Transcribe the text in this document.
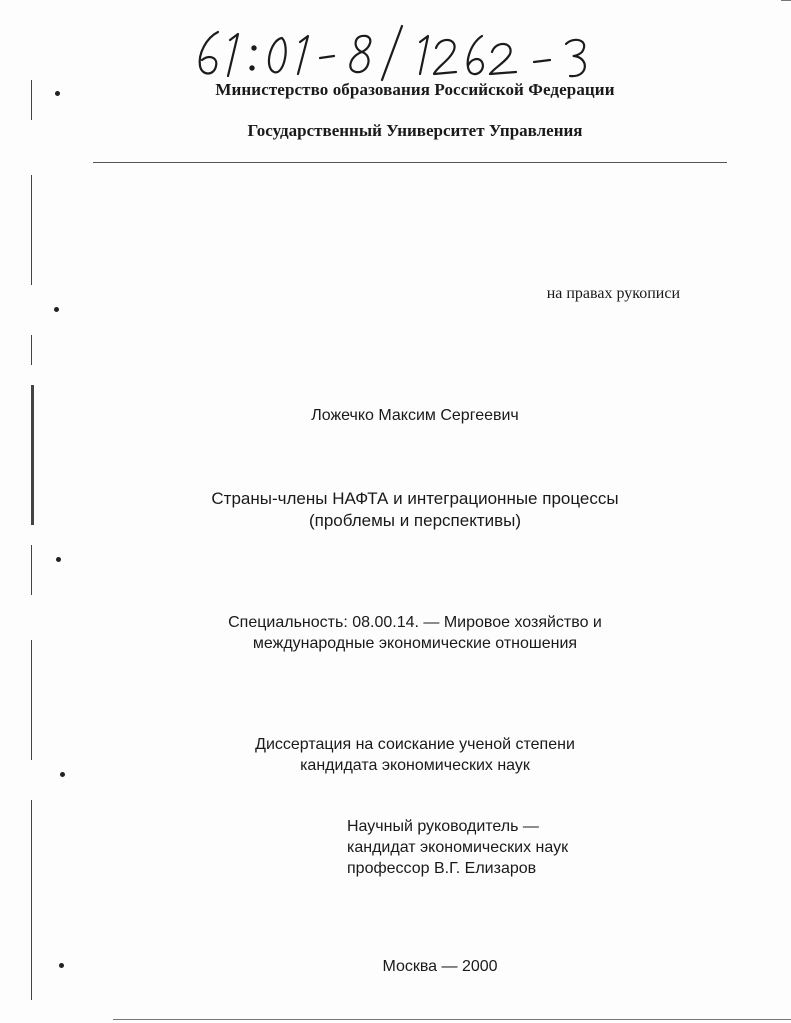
Министерство образования Российской Федерации
Государственный Университет Управления
на правах рукописи
Ложечко Максим Сергеевич
Страны-члены НАФТА и интеграционные процессы
(проблемы и перспективы)
Специальность: 08.00.14. — Мировое хозяйство и
международные экономические отношения
Диссертация на соискание ученой степени
кандидата экономических наук
Научный руководитель —
кандидат экономических наук
профессор В.Г. Елизаров
Москва — 2000
